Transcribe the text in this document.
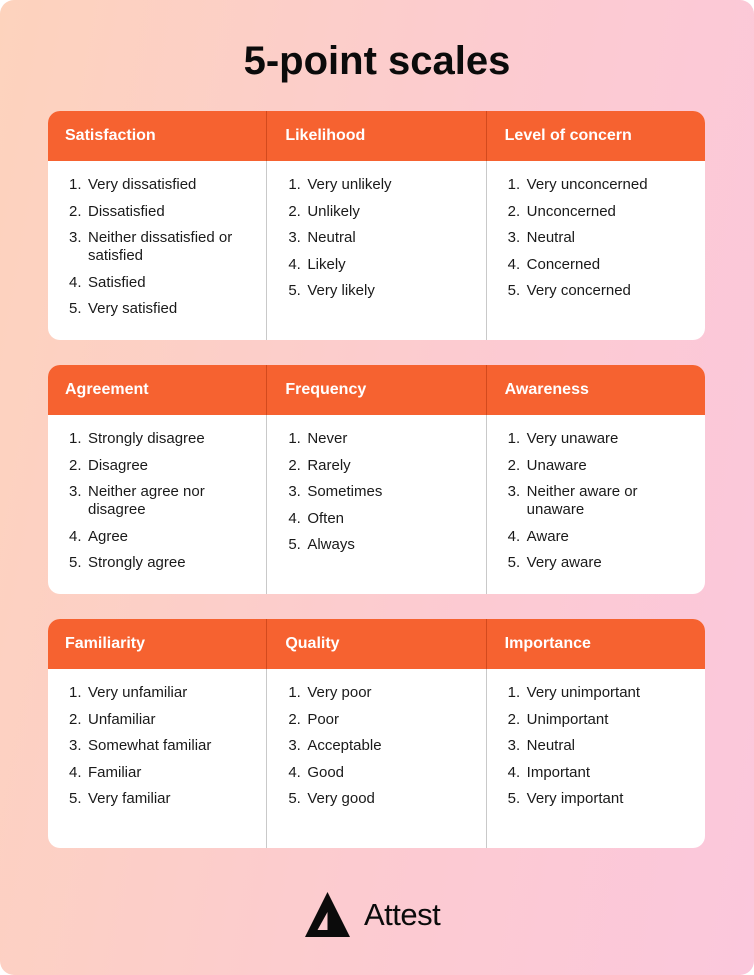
5-point scales
Satisfaction
1. Very dissatisfied
2. Dissatisfied
3. Neither dissatisfied or satisfied
4. Satisfied
5. Very satisfied
Likelihood
1. Very unlikely
2. Unlikely
3. Neutral
4. Likely
5. Very likely
Level of concern
1. Very unconcerned
2. Unconcerned
3. Neutral
4. Concerned
5. Very concerned
Agreement
1. Strongly disagree
2. Disagree
3. Neither agree nor disagree
4. Agree
5. Strongly agree
Frequency
1. Never
2. Rarely
3. Sometimes
4. Often
5. Always
Awareness
1. Very unaware
2. Unaware
3. Neither aware or unaware
4. Aware
5. Very aware
Familiarity
1. Very unfamiliar
2. Unfamiliar
3. Somewhat familiar
4. Familiar
5. Very familiar
Quality
1. Very poor
2. Poor
3. Acceptable
4. Good
5. Very good
Importance
1. Very unimportant
2. Unimportant
3. Neutral
4. Important
5. Very important
Attest
